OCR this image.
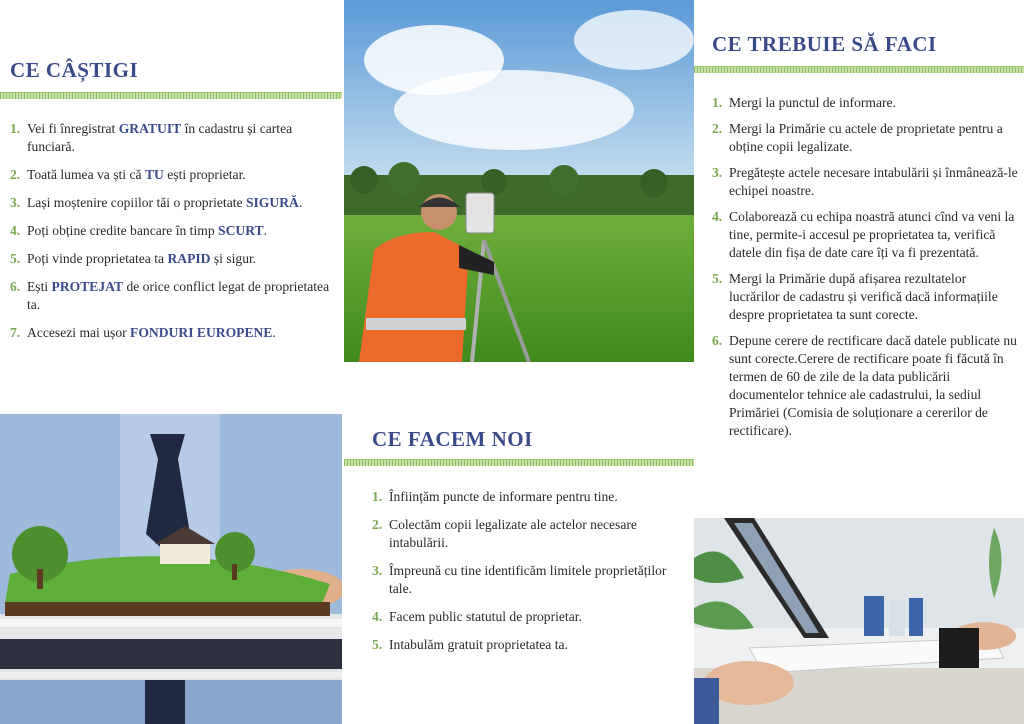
CE CÂȘTIGI
1. Vei fi înregistrat GRATUIT în cadastru și cartea funciară.
2. Toată lumea va ști că TU ești proprietar.
3. Lași moștenire copiilor tăi o proprietate SIGURĂ.
4. Poți obține credite bancare în timp SCURT.
5. Poți vinde proprietatea ta RAPID și sigur.
6. Ești PROTEJAT de orice conflict legat de proprietatea ta.
7. Accesezi mai ușor FONDURI EUROPENE.
CE TREBUIE SĂ FACI
1. Mergi la punctul de informare.
2. Mergi la Primărie cu actele de proprietate pentru a obține copii legalizate.
3. Pregătește actele necesare intabulării și înmânează-le echipei noastre.
4. Colaborează cu echipa noastră atunci cînd va veni la tine, permite-i accesul pe proprietatea ta, verifică datele din fișa de date care îți va fi prezentată.
5. Mergi la Primărie după afișarea rezultatelor lucrărilor de cadastru și verifică dacă informațiile despre proprietatea ta sunt corecte.
6. Depune cerere de rectificare dacă datele publicate nu sunt corecte.Cerere de rectificare poate fi făcută în termen de 60 de zile de la data publicării documentelor tehnice ale cadastrului, la sediul Primăriei (Comisia de soluționare a cererilor de rectificare).
CE FACEM NOI
1. Înființăm puncte de informare pentru tine.
2. Colectăm copii legalizate ale actelor necesare intabulării.
3. Împreună cu tine identificăm limitele proprietăților tale.
4. Facem public statutul de proprietar.
5. Intabulăm gratuit proprietatea ta.
